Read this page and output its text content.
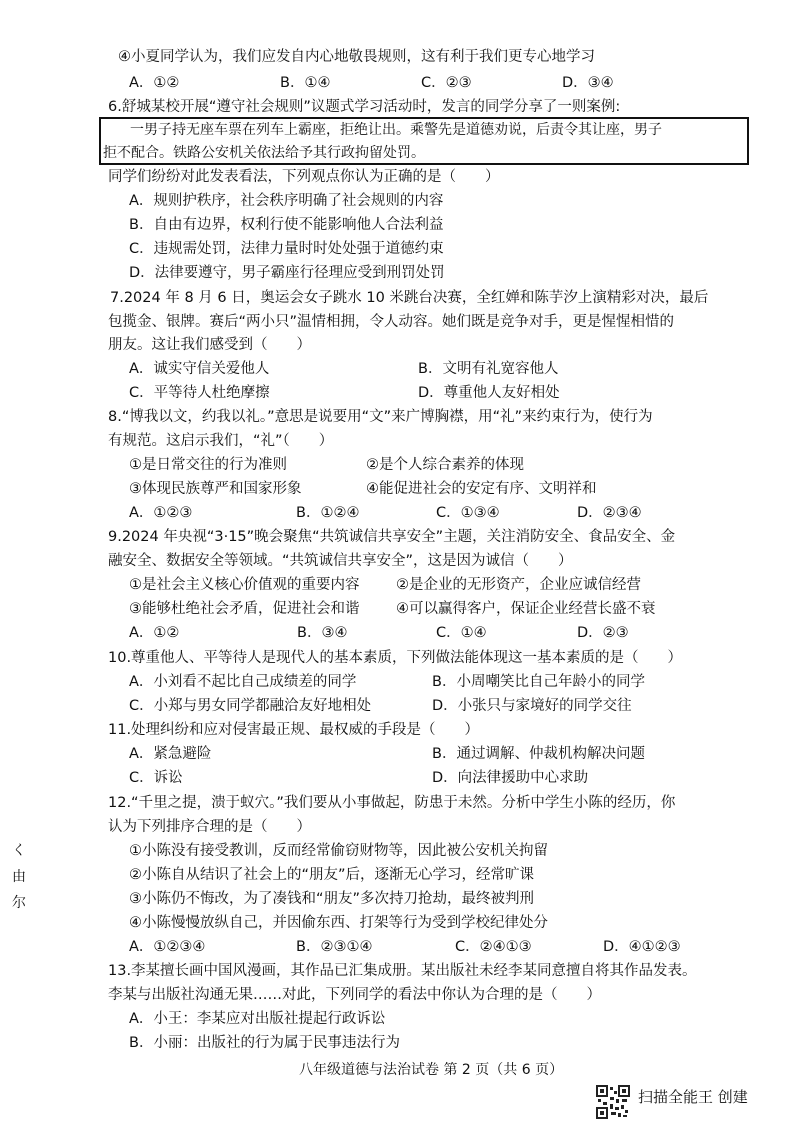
④小夏同学认为，我们应发自内心地敬畏规则，这有利于我们更专心地学习
A．①②	B．①④	C．②③	D．③④
6.舒城某校开展“遵守社会规则”议题式学习活动时，发言的同学分享了一则案例:
一男子持无座车票在列车上霸座，拒绝让出。乘警先是道德劝说，后责令其让座，男子
拒不配合。铁路公安机关依法给予其行政拘留处罚。
同学们纷纷对此发表看法，下列观点你认为正确的是（　　）
A．规则护秩序，社会秩序明确了社会规则的内容
B．自由有边界，权利行使不能影响他人合法利益
C．违规需处罚，法律力量时时处处强于道德约束
D．法律要遵守，男子霸座行径理应受到刑罚处罚
7.2024 年 8 月 6 日，奥运会女子跳水 10 米跳台决赛，全红婵和陈芋汐上演精彩对决，最后
包揽金、银牌。赛后“两小只”温情相拥，令人动容。她们既是竞争对手，更是惺惺相惜的
朋友。这让我们感受到（　　）
A．诚实守信关爱他人	B．文明有礼宽容他人
C．平等待人杜绝摩擦	D．尊重他人友好相处
8.“博我以文，约我以礼。”意思是说要用“文”来广博胸襟，用“礼”来约束行为，使行为
有规范。这启示我们，“礼”（　　）
①是日常交往的行为准则	②是个人综合素养的体现
③体现民族尊严和国家形象	④能促进社会的安定有序、文明祥和
A．①②③	B．①②④	C．①③④	D．②③④
9.2024 年央视“3·15”晚会聚焦“共筑诚信共享安全”主题，关注消防安全、食品安全、金
融安全、数据安全等领域。“共筑诚信共享安全”，这是因为诚信（　　）
①是社会主义核心价值观的重要内容	②是企业的无形资产，企业应诚信经营
③能够杜绝社会矛盾，促进社会和谐	④可以赢得客户，保证企业经营长盛不衰
A．①②	B．③④	C．①④	D．②③
10.尊重他人、平等待人是现代人的基本素质，下列做法能体现这一基本素质的是（　　）
A．小刘看不起比自己成绩差的同学	B．小周嘲笑比自己年龄小的同学
C．小郑与男女同学都融洽友好地相处	D．小张只与家境好的同学交往
11.处理纠纷和应对侵害最正规、最权威的手段是（　　）
A．紧急避险	B．通过调解、仲裁机构解决问题
C．诉讼	D．向法律援助中心求助
12.“千里之提，溃于蚁穴。”我们要从小事做起，防患于未然。分析中学生小陈的经历，你
认为下列排序合理的是（　　）
①小陈没有接受教训，反而经常偷窃财物等，因此被公安机关拘留
②小陈自从结识了社会上的“朋友”后，逐渐无心学习，经常旷课
③小陈仍不悔改，为了凑钱和“朋友”多次持刀抢劫，最终被判刑
④小陈慢慢放纵自己，并因偷东西、打架等行为受到学校纪律处分
A．①②③④	B．②③①④	C．②④①③	D．④①②③
13.李某擅长画中国风漫画，其作品已汇集成册。某出版社未经李某同意擅自将其作品发表。
李某与出版社沟通无果……对此，下列同学的看法中你认为合理的是（　　）
A．小王：李某应对出版社提起行政诉讼
B．小丽：出版社的行为属于民事违法行为
八年级道德与法治试卷 第 2 页（共 6 页）
く
由
尔
扫描全能王 创建
